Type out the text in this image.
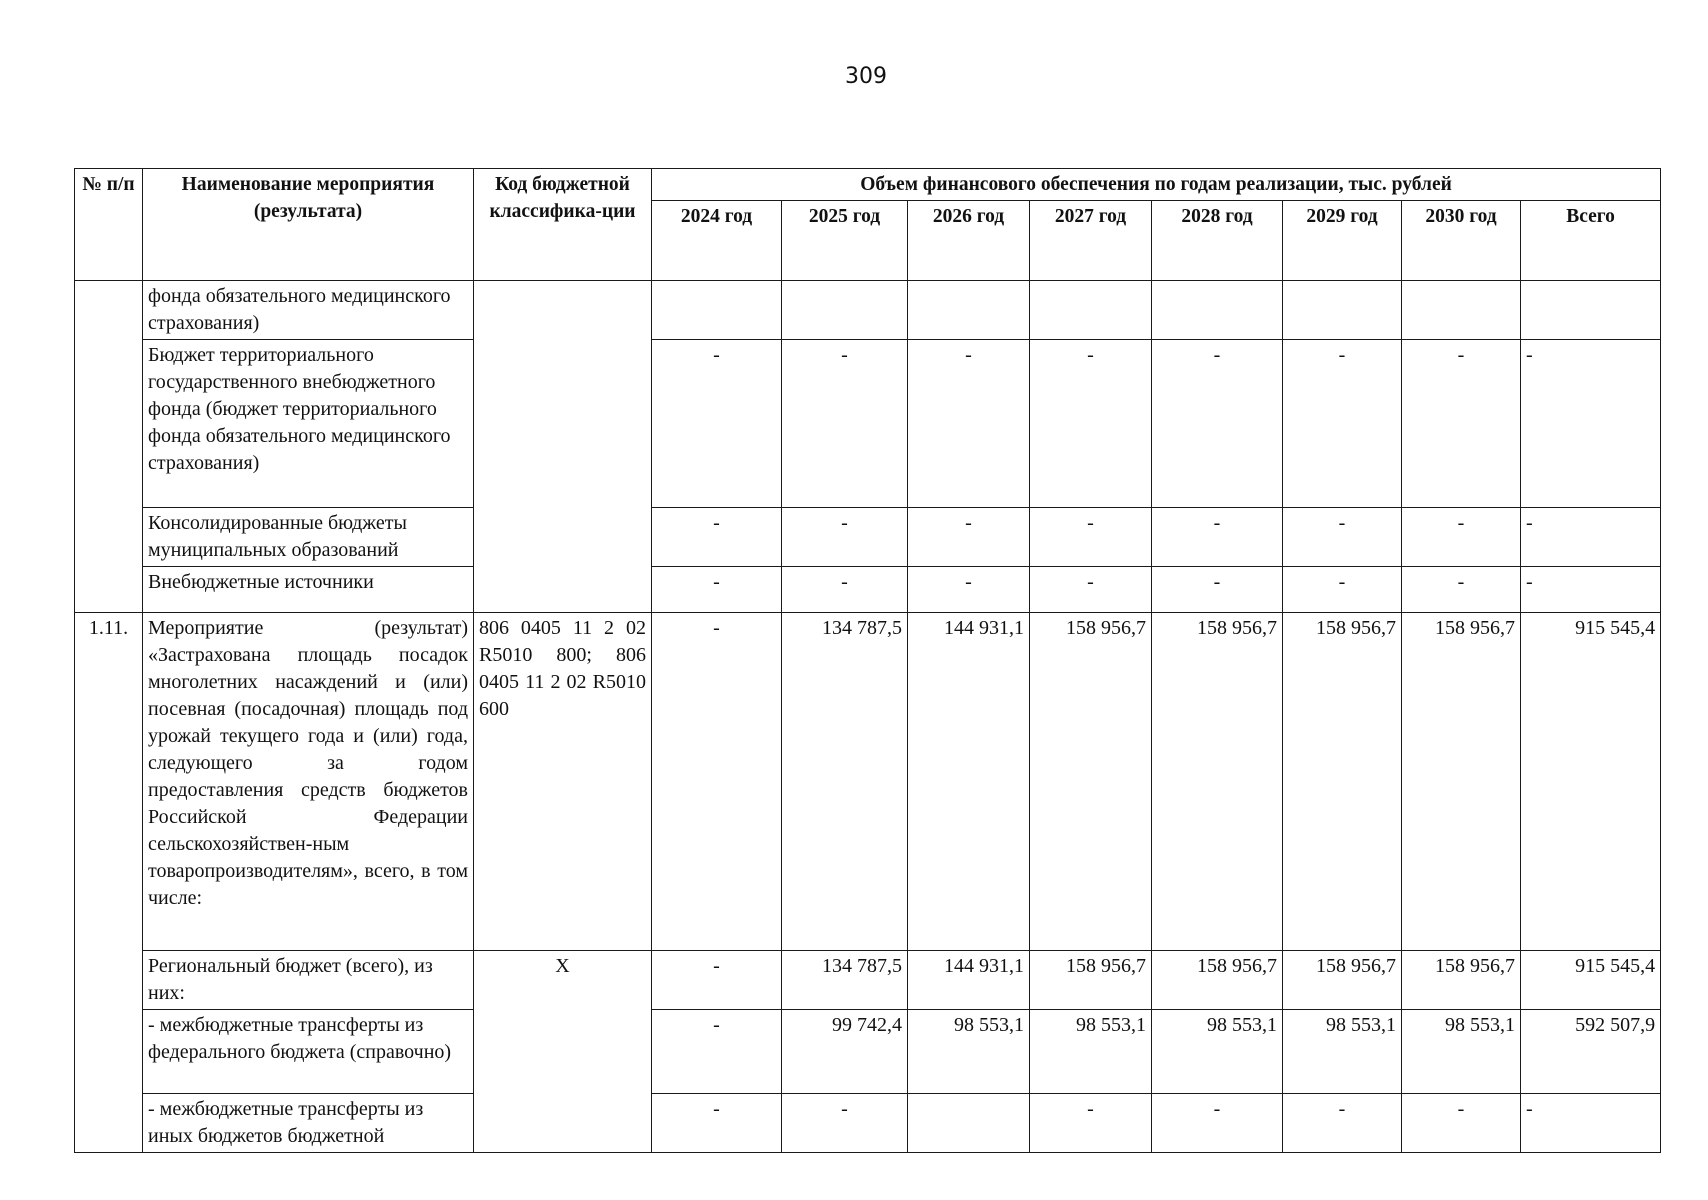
309
№ п/п	Наименование мероприятия (результата)	Код бюджетной классифика-ции	Объем финансового обеспечения по годам реализации, тыс. рублей							
			2024 год	2025 год	2026 год	2027 год	2028 год	2029 год	2030 год	Всего
	фонда обязательного медицинского страхования)									
	Бюджет территориального государственного внебюджетного фонда (бюджет территориального фонда обязательного медицинского страхования)		-	-	-	-	-	-	-	-
	Консолидированные бюджеты муниципальных образований		-	-	-	-	-	-	-	-
	Внебюджетные источники		-	-	-	-	-	-	-	-
1.11.	Мероприятие (результат) «Застрахована площадь посадок многолетних насаждений и (или) посевная (посадочная) площадь под урожай текущего года и (или) года, следующего за годом предоставления средств бюджетов Российской Федерации сельскохозяйствен-ным товаропроизводителям», всего, в том числе:	806 0405 11 2 02 R5010 800; 806 0405 11 2 02 R5010 600	-	134 787,5	144 931,1	158 956,7	158 956,7	158 956,7	158 956,7	915 545,4
	Региональный бюджет (всего), из них:	X	-	134 787,5	144 931,1	158 956,7	158 956,7	158 956,7	158 956,7	915 545,4
	- межбюджетные трансферты из федерального бюджета (справочно)		-	99 742,4	98 553,1	98 553,1	98 553,1	98 553,1	98 553,1	592 507,9
	- межбюджетные трансферты из иных бюджетов бюджетной		-	-		-	-	-	-	-
